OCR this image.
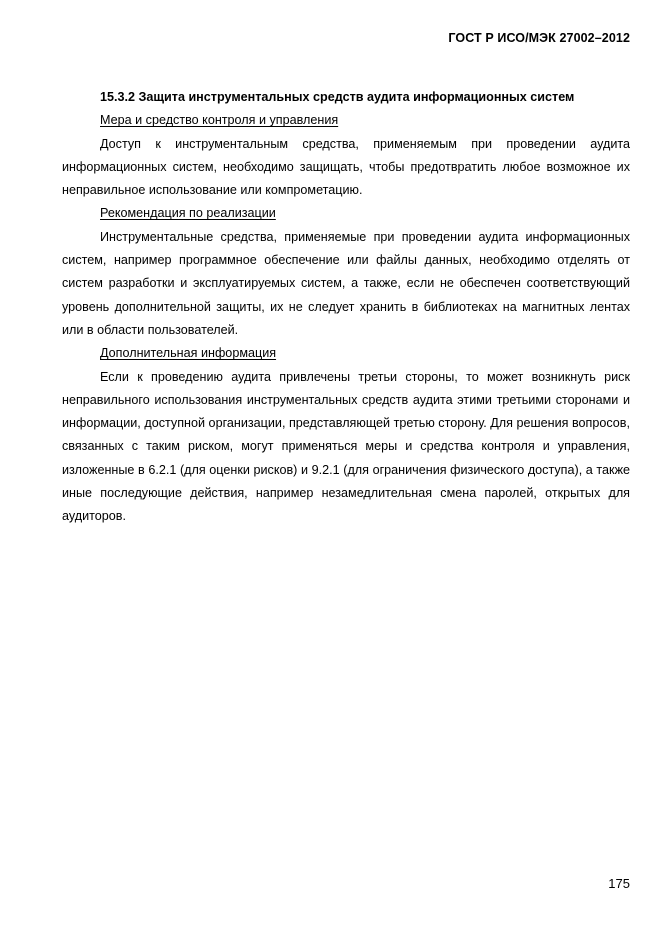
ГОСТ Р ИСО/МЭК 27002–2012

15.3.2 Защита инструментальных средств аудита информационных систем

Мера и средство контроля и управления

Доступ к инструментальным средства, применяемым при проведении аудита информационных систем, необходимо защищать, чтобы предотвратить любое возможное их неправильное использование или компрометацию.

Рекомендация по реализации

Инструментальные средства, применяемые при проведении аудита информационных систем, например программное обеспечение или файлы данных, необходимо отделять от систем разработки и эксплуатируемых систем, а также, если не обеспечен соответствующий уровень дополнительной защиты, их не следует хранить в библиотеках на магнитных лентах или в области пользователей.

Дополнительная информация

Если к проведению аудита привлечены третьи стороны, то может возникнуть риск неправильного использования инструментальных средств аудита этими третьими сторонами и информации, доступной организации, представляющей третью сторону. Для решения вопросов, связанных с таким риском, могут применяться меры и средства контроля и управления, изложенные в 6.2.1 (для оценки рисков) и 9.2.1 (для ограничения физического доступа), а также иные последующие действия, например незамедлительная смена паролей, открытых для аудиторов.

175
